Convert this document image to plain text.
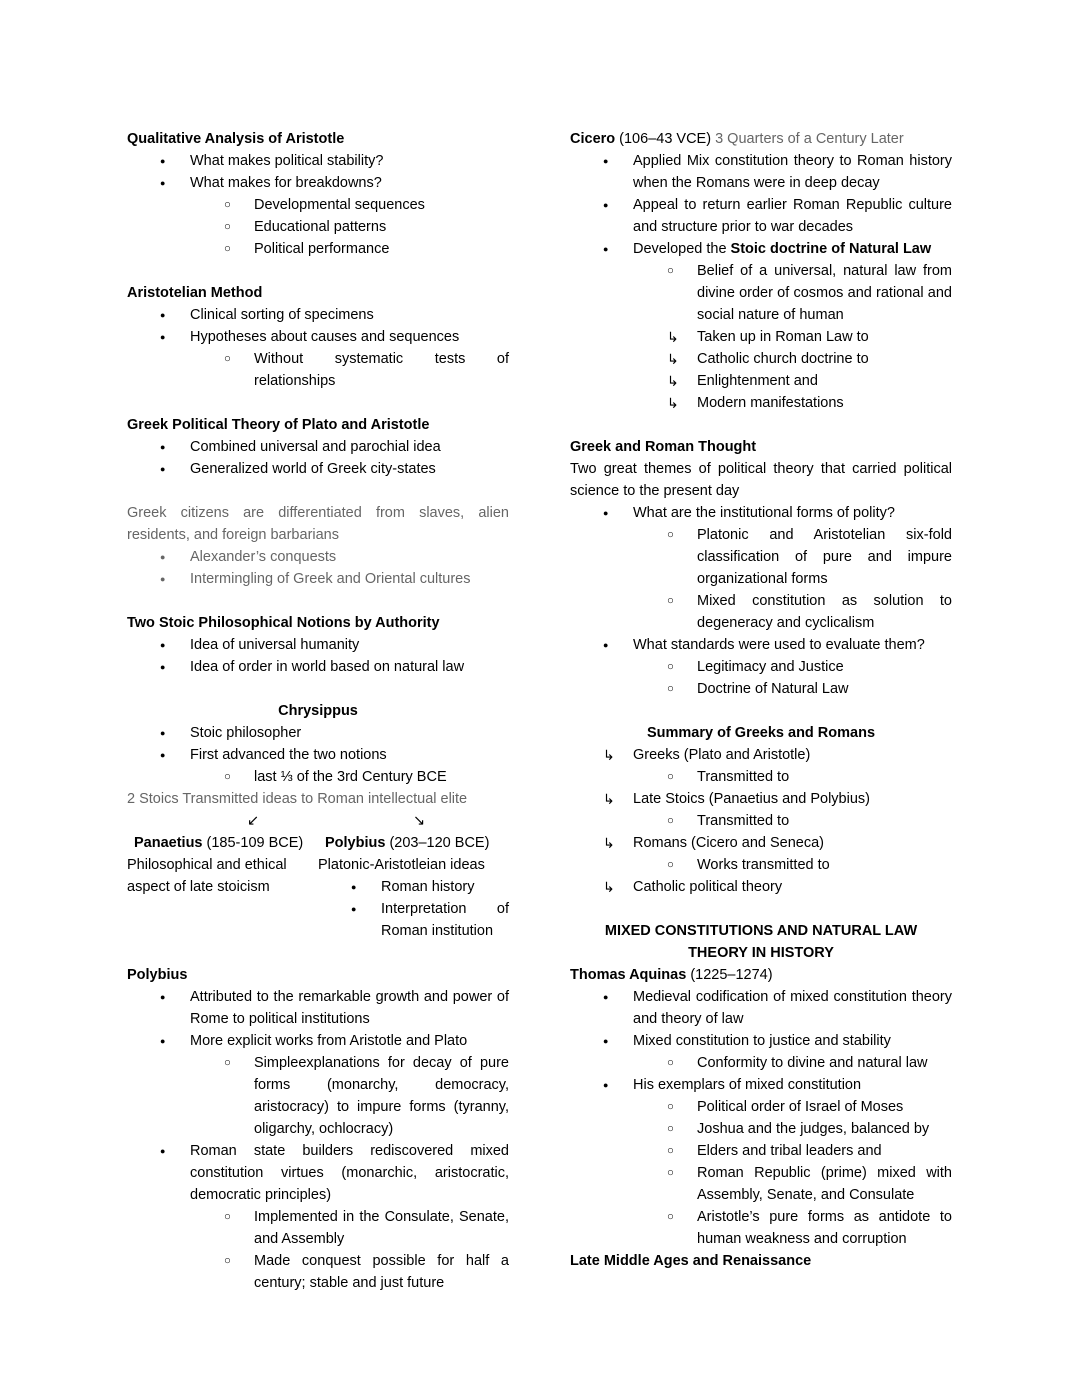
Qualitative Analysis of Aristotle
●	What makes political stability?
●	What makes for breakdowns?
○	Developmental sequences
○	Educational patterns
○	Political performance
Aristotelian Method
●	Clinical sorting of specimens
●	Hypotheses about causes and sequences
○	Without systematic tests of relationships
Greek Political Theory of Plato and Aristotle
●	Combined universal and parochial idea
●	Generalized world of Greek city-states
Greek citizens are differentiated from slaves, alien residents, and foreign barbarians
●	Alexander’s conquests
●	Intermingling of Greek and Oriental cultures
Two Stoic Philosophical Notions by Authority
●	Idea of universal humanity
●	Idea of order in world based on natural law
Chrysippus
●	Stoic philosopher
●	First advanced the two notions
○	last ⅓ of the 3rd Century BCE
2 Stoics Transmitted ideas to Roman intellectual elite
↙	↘
Panaetius (185-109 BCE)
Philosophical and ethical aspect of late stoicism
Polybius (203–120 BCE)
Platonic-Aristotleian ideas
●	Roman history
●	Interpretation of Roman institution
Polybius
●	Attributed to the remarkable growth and power of Rome to political institutions
●	More explicit works from Aristotle and Plato
○	Simpleexplanations for decay of pure forms (monarchy, democracy, aristocracy) to impure forms (tyranny, oligarchy, ochlocracy)
●	Roman state builders rediscovered mixed constitution virtues (monarchic, aristocratic, democratic principles)
○	Implemented in the Consulate, Senate, and Assembly
○	Made conquest possible for half a century; stable and just future
Cicero (106–43 VCE) 3 Quarters of a Century Later
●	Applied Mix constitution theory to Roman history when the Romans were in deep decay
●	Appeal to return earlier Roman Republic culture and structure prior to war decades
●	Developed the Stoic doctrine of Natural Law
○	Belief of a universal, natural law from divine order of cosmos and rational and social nature of human
↳	Taken up in Roman Law to
↳	Catholic church doctrine to
↳	Enlightenment and
↳	Modern manifestations
Greek and Roman Thought
Two great themes of political theory that carried political science to the present day
●	What are the institutional forms of polity?
○	Platonic and Aristotelian six-fold classification of pure and impure organizational forms
○	Mixed constitution as solution to degeneracy and cyclicalism
●	What standards were used to evaluate them?
○	Legitimacy and Justice
○	Doctrine of Natural Law
Summary of Greeks and Romans
↳	Greeks (Plato and Aristotle)
○	Transmitted to
↳	Late Stoics (Panaetius and Polybius)
○	Transmitted to
↳	Romans (Cicero and Seneca)
○	Works transmitted to
↳	Catholic political theory
MIXED CONSTITUTIONS AND NATURAL LAW
THEORY IN HISTORY
Thomas Aquinas (1225–1274)
●	Medieval codification of mixed constitution theory and theory of law
●	Mixed constitution to justice and stability
○	Conformity to divine and natural law
●	His exemplars of mixed constitution
○	Political order of Israel of Moses
○	Joshua and the judges, balanced by
○	Elders and tribal leaders and
○	Roman Republic (prime) mixed with Assembly, Senate, and Consulate
○	Aristotle’s pure forms as antidote to human weakness and corruption
Late Middle Ages and Renaissance
